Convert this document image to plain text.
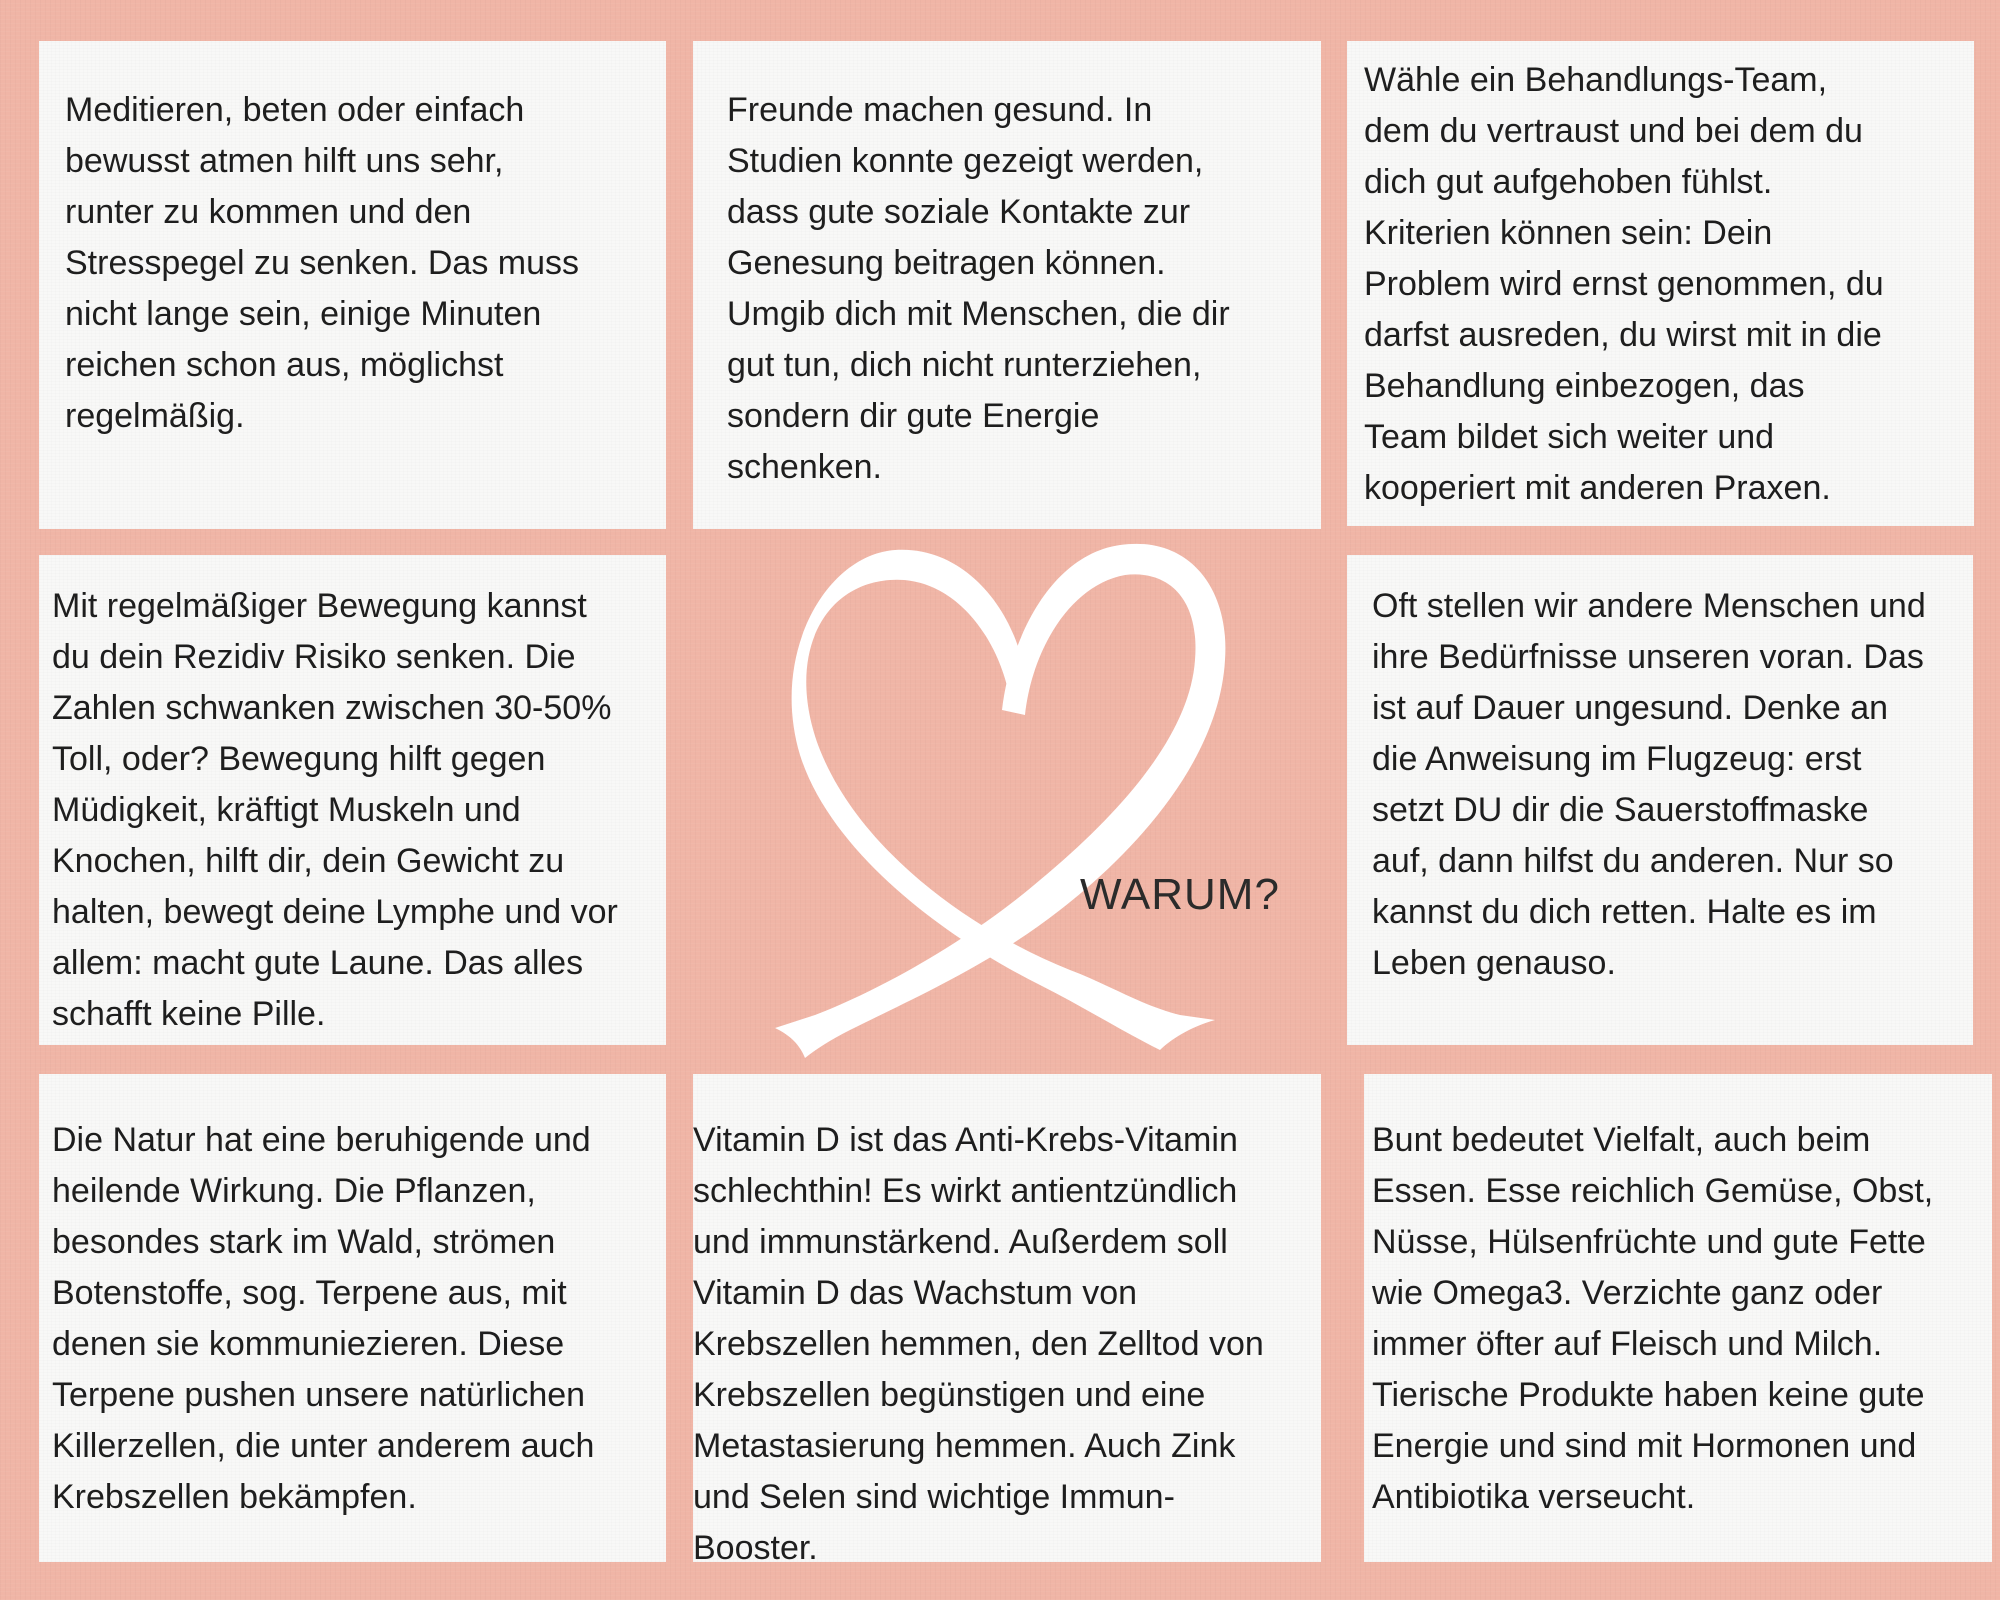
Meditieren, beten oder einfach
bewusst atmen hilft uns sehr,
runter zu kommen und den
Stresspegel zu senken. Das muss
nicht lange sein, einige Minuten
reichen schon aus, möglichst
regelmäßig.

Freunde machen gesund. In
Studien konnte gezeigt werden,
dass gute soziale Kontakte zur
Genesung beitragen können.
Umgib dich mit Menschen, die dir
gut tun, dich nicht runterziehen,
sondern dir gute Energie
schenken.

Wähle ein Behandlungs-Team,
dem du vertraust und bei dem du
dich gut aufgehoben fühlst.
Kriterien können sein: Dein
Problem wird ernst genommen, du
darfst ausreden, du wirst mit in die
Behandlung einbezogen, das
Team bildet sich weiter und
kooperiert mit anderen Praxen.

Mit regelmäßiger Bewegung kannst
du dein Rezidiv Risiko senken. Die
Zahlen schwanken zwischen 30-50%
Toll, oder? Bewegung hilft gegen
Müdigkeit, kräftigt Muskeln und
Knochen, hilft dir, dein Gewicht zu
halten, bewegt deine Lymphe und vor
allem: macht gute Laune. Das alles
schafft keine Pille.

Oft stellen wir andere Menschen und
ihre Bedürfnisse unseren voran. Das
ist auf Dauer ungesund. Denke an
die Anweisung im Flugzeug: erst
setzt DU dir die Sauerstoffmaske
auf, dann hilfst du anderen. Nur so
kannst du dich retten. Halte es im
Leben genauso.

Die Natur hat eine beruhigende und
heilende Wirkung. Die Pflanzen,
besondes stark im Wald, strömen
Botenstoffe, sog. Terpene aus, mit
denen sie kommuniezieren. Diese
Terpene pushen unsere natürlichen
Killerzellen, die unter anderem auch
Krebszellen bekämpfen.

Vitamin D ist das Anti-Krebs-Vitamin
schlechthin! Es wirkt antientzündlich
und immunstärkend. Außerdem soll
Vitamin D das Wachstum von
Krebszellen hemmen, den Zelltod von
Krebszellen begünstigen und eine
Metastasierung hemmen. Auch Zink
und Selen sind wichtige Immun-
Booster.

Bunt bedeutet Vielfalt, auch beim
Essen. Esse reichlich Gemüse, Obst,
Nüsse, Hülsenfrüchte und gute Fette
wie Omega3. Verzichte ganz oder
immer öfter auf Fleisch und Milch.
Tierische Produkte haben keine gute
Energie und sind mit Hormonen und
Antibiotika verseucht.

WARUM?
